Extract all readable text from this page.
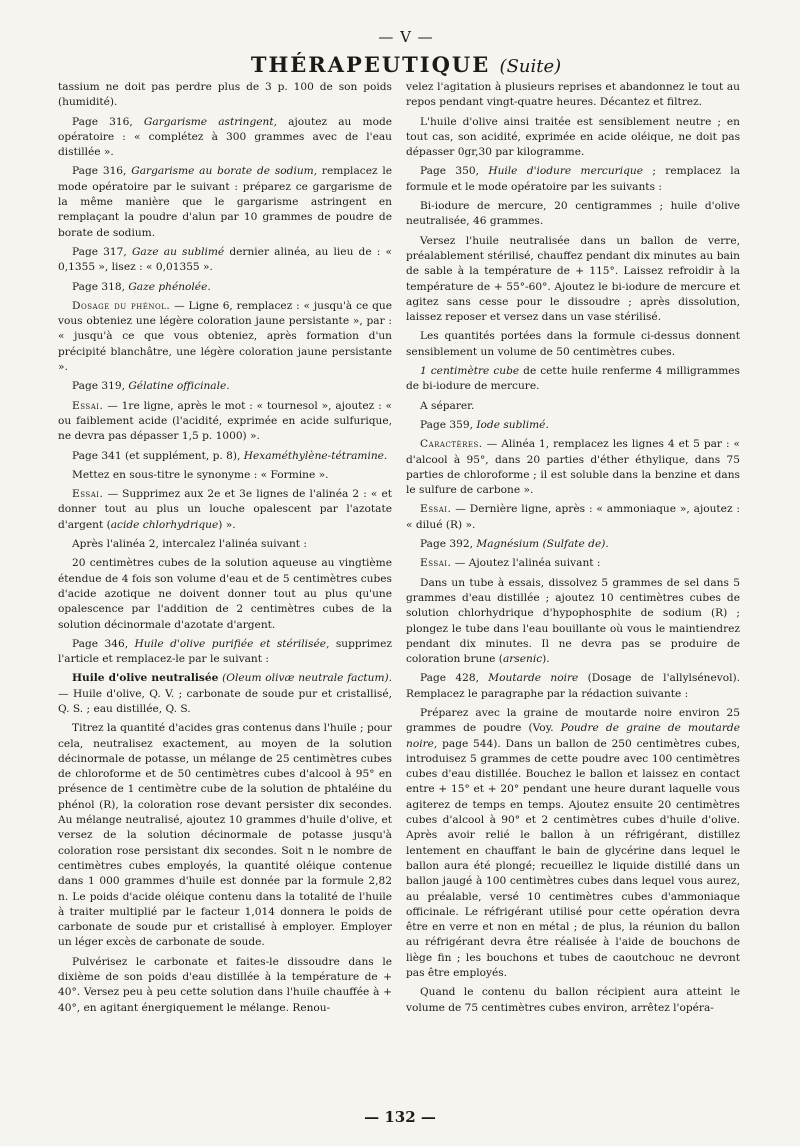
— V —
THÉRAPEUTIQUE (Suite)

tassium ne doit pas perdre plus de 3 p. 100 de son poids (humidité).

Page 316, Gargarisme astringent, ajoutez au mode opératoire : « complétez à 300 grammes avec de l'eau distillée ».

Page 316, Gargarisme au borate de sodium, remplacez le mode opératoire par le suivant : préparez ce gargarisme de la même manière que le gargarisme astringent en remplaçant la poudre d'alun par 10 grammes de poudre de borate de sodium.

Page 317, Gaze au sublimé dernier alinéa, au lieu de : « 0,1355 », lisez : « 0,01355 ».

Page 318, Gaze phénolée.

Dosage du phénol. — Ligne 6, remplacez : « jusqu'à ce que vous obteniez une légère coloration jaune persistante », par : « jusqu'à ce que vous obteniez, après formation d'un précipité blanchâtre, une légère coloration jaune persistante ».

Page 319, Gélatine officinale.

Essai. — 1re ligne, après le mot : « tournesol », ajoutez : « ou faiblement acide (l'acidité, exprimée en acide sulfurique, ne devra pas dépasser 1,5 p. 1000) ».

Page 341 (et supplément, p. 8), Hexaméthylène-tétramine.

Mettez en sous-titre le synonyme : « Formine ».

Essai. — Supprimez aux 2e et 3e lignes de l'alinéa 2 : « et donner tout au plus un louche opalescent par l'azotate d'argent (acide chlorhydrique) ».

Après l'alinéa 2, intercalez l'alinéa suivant :

20 centimètres cubes de la solution aqueuse au vingtième étendue de 4 fois son volume d'eau et de 5 centimètres cubes d'acide azotique ne doivent donner tout au plus qu'une opalescence par l'addition de 2 centimètres cubes de la solution décinormale d'azotate d'argent.

Page 346, Huile d'olive purifiée et stérilisée, supprimez l'article et remplacez-le par le suivant :

Huile d'olive neutralisée (Oleum olivæ neutrale factum). — Huile d'olive, Q. V. ; carbonate de soude pur et cristallisé, Q. S. ; eau distillée, Q. S.

Titrez la quantité d'acides gras contenus dans l'huile ; pour cela, neutralisez exactement, au moyen de la solution décinormale de potasse, un mélange de 25 centimètres cubes de chloroforme et de 50 centimètres cubes d'alcool à 95° en présence de 1 centimètre cube de la solution de phtaléine du phénol (R), la coloration rose devant persister dix secondes. Au mélange neutralisé, ajoutez 10 grammes d'huile d'olive, et versez de la solution décinormale de potasse jusqu'à coloration rose persistant dix secondes. Soit n le nombre de centimètres cubes employés, la quantité oléique contenue dans 1 000 grammes d'huile est donnée par la formule 2,82 n. Le poids d'acide oléique contenu dans la totalité de l'huile à traiter multiplié par le facteur 1,014 donnera le poids de carbonate de soude pur et cristallisé à employer. Employer un léger excès de carbonate de soude.

Pulvérisez le carbonate et faites-le dissoudre dans le dixième de son poids d'eau distillée à la température de + 40°. Versez peu à peu cette solution dans l'huile chauffée à + 40°, en agitant énergiquement le mélange. Renou-

velez l'agitation à plusieurs reprises et abandonnez le tout au repos pendant vingt-quatre heures. Décantez et filtrez.

L'huile d'olive ainsi traitée est sensiblement neutre ; en tout cas, son acidité, exprimée en acide oléique, ne doit pas dépasser 0gr,30 par kilogramme.

Page 350, Huile d'iodure mercurique ; remplacez la formule et le mode opératoire par les suivants :

Bi-iodure de mercure, 20 centigrammes ; huile d'olive neutralisée, 46 grammes.

Versez l'huile neutralisée dans un ballon de verre, préalablement stérilisé, chauffez pendant dix minutes au bain de sable à la température de + 115°. Laissez refroidir à la température de + 55°-60°. Ajoutez le bi-iodure de mercure et agitez sans cesse pour le dissoudre ; après dissolution, laissez reposer et versez dans un vase stérilisé.

Les quantités portées dans la formule ci-dessus donnent sensiblement un volume de 50 centimètres cubes.

1 centimètre cube de cette huile renferme 4 milligrammes de bi-iodure de mercure.

A séparer.

Page 359, Iode sublimé.

Caractères. — Alinéa 1, remplacez les lignes 4 et 5 par : « d'alcool à 95°, dans 20 parties d'éther éthylique, dans 75 parties de chloroforme ; il est soluble dans la benzine et dans le sulfure de carbone ».

Essai. — Dernière ligne, après : « ammoniaque », ajoutez : « dilué (R) ».

Page 392, Magnésium (Sulfate de).

Essai. — Ajoutez l'alinéa suivant :

Dans un tube à essais, dissolvez 5 grammes de sel dans 5 grammes d'eau distillée ; ajoutez 10 centimètres cubes de solution chlorhydrique d'hypophosphite de sodium (R) ; plongez le tube dans l'eau bouillante où vous le maintiendrez pendant dix minutes. Il ne devra pas se produire de coloration brune (arsenic).

Page 428, Moutarde noire (Dosage de l'allylsénevol). Remplacez le paragraphe par la rédaction suivante :

Préparez avec la graine de moutarde noire environ 25 grammes de poudre (Voy. Poudre de graine de moutarde noire, page 544). Dans un ballon de 250 centimètres cubes, introduisez 5 grammes de cette poudre avec 100 centimètres cubes d'eau distillée. Bouchez le ballon et laissez en contact entre + 15° et + 20° pendant une heure durant laquelle vous agiterez de temps en temps. Ajoutez ensuite 20 centimètres cubes d'alcool à 90° et 2 centimètres cubes d'huile d'olive. Après avoir relié le ballon à un réfrigérant, distillez lentement en chauffant le bain de glycérine dans lequel le ballon aura été plongé; recueillez le liquide distillé dans un ballon jaugé à 100 centimètres cubes dans lequel vous aurez, au préalable, versé 10 centimètres cubes d'ammoniaque officinale. Le réfrigérant utilisé pour cette opération devra être en verre et non en métal ; de plus, la réunion du ballon au réfrigérant devra être réalisée à l'aide de bouchons de liège fin ; les bouchons et tubes de caoutchouc ne devront pas être employés.

Quand le contenu du ballon récipient aura atteint le volume de 75 centimètres cubes environ, arrêtez l'opéra-

— 132 —
